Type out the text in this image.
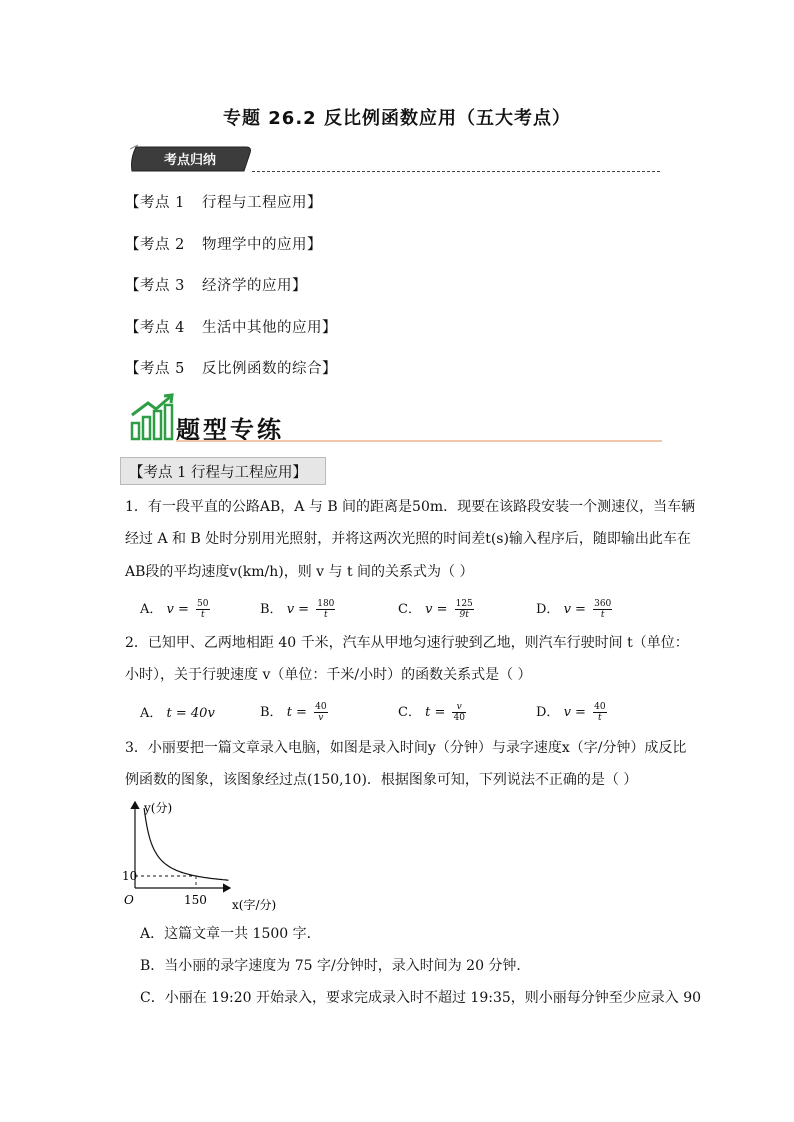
专题 26.2 反比例函数应用（五大考点）
考点归纳
【考点 1 行程与工程应用】
【考点 2 物理学中的应用】
【考点 3 经济学的应用】
【考点 4 生活中其他的应用】
【考点 5 反比例函数的综合】
题型专练
【考点 1 行程与工程应用】
1．有一段平直的公路AB，A 与 B 间的距离是50m．现要在该路段安装一个测速仪，当车辆
经过 A 和 B 处时分别用光照射，并将这两次光照的时间差t(s)输入程序后，随即输出此车在
AB段的平均速度v(km/h)，则 v 与 t 间的关系式为（ ）
A． $v = \frac{50}{t}$	B． $v = \frac{180}{t}$	C． $v = \frac{125}{9t}$	D． $v = \frac{360}{t}$
2．已知甲、乙两地相距 40 千米，汽车从甲地匀速行驶到乙地，则汽车行驶时间 t（单位：
小时），关于行驶速度 v（单位：千米/小时）的函数关系式是（ ）
A． t = 40v	B． $t = \frac{40}{v}$	C． $t = \frac{v}{40}$	D． $v = \frac{40}{t}$
3．小丽要把一篇文章录入电脑，如图是录入时间y（分钟）与录字速度x（字/分钟）成反比
例函数的图象，该图象经过点(150,10)．根据图象可知，下列说法不正确的是（ ）
y(分)
x(字/分)
O
10
150
A．这篇文章一共 1500 字．
B．当小丽的录字速度为 75 字/分钟时，录入时间为 20 分钟．
C．小丽在 19:20 开始录入，要求完成录入时不超过 19:35，则小丽每分钟至少应录入 90
